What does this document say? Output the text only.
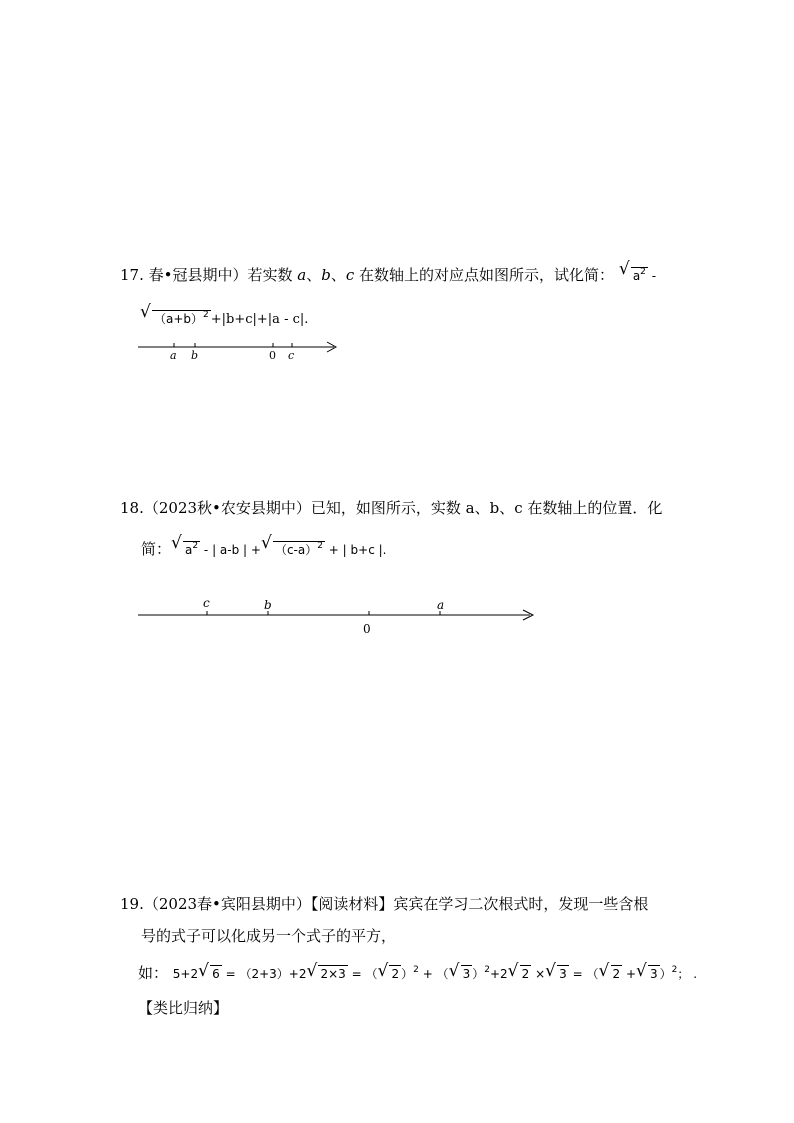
17. 春•冠县期中）若实数 a、b、c 在数轴上的对应点如图所示，试化简： √ $a^2$ -
√ $(a+b)^2 +|b+c|+|a - c|$.
a b	0 c
18.（2023秋•农安县期中）已知，如图所示，实数 a、b、c 在数轴上的位置．化
简： √ $a^2$ - | a-b | + √ $(c-a)^2$ + | b+c |.
c	b
0
a
19.（2023春•宾阳县期中）【阅读材料】宾宾在学习二次根式时，发现一些含根
号的式子可以化成另一个式子的平方，
如： 5+2 √ 6 = （2+3）+2 √ 2×3 = （ √ 2 ）$^2$ + （ √ 3 ）$^2$+2 √ 2 × √ 3 = （ √ 2 + √ 3 ）$^2$； .
【类比归纳】
